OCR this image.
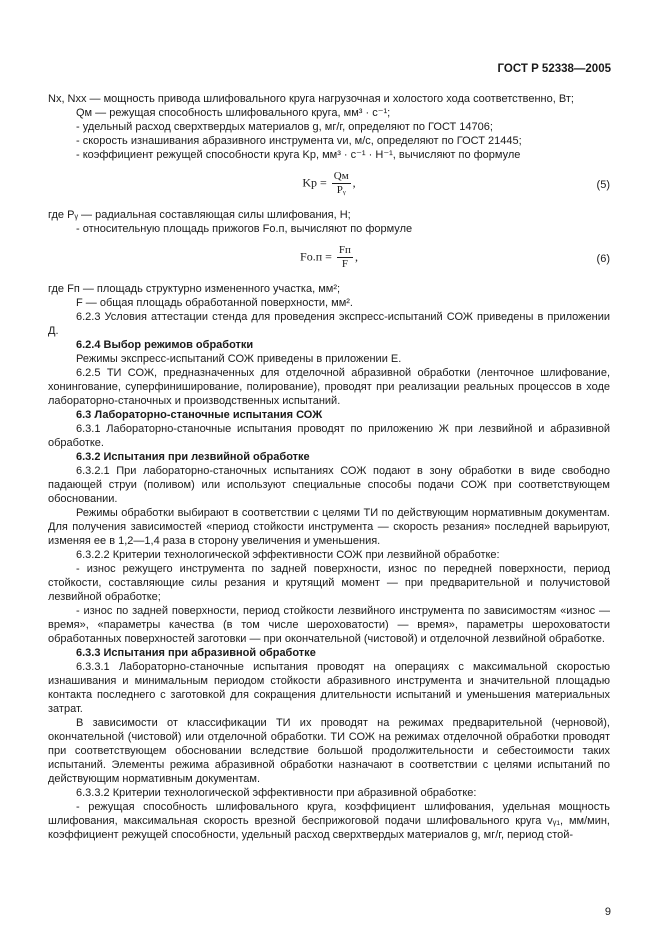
ГОСТ Р 52338—2005

Nх, Nхх — мощность привода шлифовального круга нагрузочная и холостого хода соответственно, Вт;

Qм — режущая способность шлифовального круга, мм³ · с⁻¹;

- удельный расход сверхтвердых материалов g, мг/г, определяют по ГОСТ 14706;

- скорость изнашивания абразивного инструмента vи, м/с, определяют по ГОСТ 21445;

- коэффициент режущей способности круга Kр, мм³ · с⁻¹ · Н⁻¹, вычисляют по формуле

Kр = $\frac{Qм}{\text{Pᵧ}}$ ,	(5)

где Pᵧ — радиальная составляющая силы шлифования, Н;

- относительную площадь прижогов Fо.п, вычисляют по формуле

$Fо.п = \frac{Fп}{F}$ ,	(6)

где Fп — площадь структурно измененного участка, мм²;

F — общая площадь обработанной поверхности, мм².

6.2.3 Условия аттестации стенда для проведения экспресс-испытаний СОЖ приведены в приложении Д.

6.2.4 Выбор режимов обработки

Режимы экспресс-испытаний СОЖ приведены в приложении Е.

6.2.5 ТИ СОЖ, предназначенных для отделочной абразивной обработки (ленточное шлифование, хонингование, суперфиниширование, полирование), проводят при реализации реальных процессов в ходе лабораторно-станочных и производственных испытаний.

6.3 Лабораторно-станочные испытания СОЖ

6.3.1 Лабораторно-станочные испытания проводят по приложению Ж при лезвийной и абразивной обработке.

6.3.2 Испытания при лезвийной обработке

6.3.2.1 При лабораторно-станочных испытаниях СОЖ подают в зону обработки в виде свободно падающей струи (поливом) или используют специальные способы подачи СОЖ при соответствующем обосновании.

Режимы обработки выбирают в соответствии с целями ТИ по действующим нормативным документам. Для получения зависимостей «период стойкости инструмента — скорость резания» последней варьируют, изменяя ее в 1,2—1,4 раза в сторону увеличения и уменьшения.

6.3.2.2 Критерии технологической эффективности СОЖ при лезвийной обработке:

- износ режущего инструмента по задней поверхности, износ по передней поверхности, период стойкости, составляющие силы резания и крутящий момент — при предварительной и получистовой лезвийной обработке;

- износ по задней поверхности, период стойкости лезвийного инструмента по зависимостям «износ — время», «параметры качества (в том числе шероховатости) — время», параметры шероховатости обработанных поверхностей заготовки — при окончательной (чистовой) и отделочной лезвийной обработке.

6.3.3 Испытания при абразивной обработке

6.3.3.1 Лабораторно-станочные испытания проводят на операциях с максимальной скоростью изнашивания и минимальным периодом стойкости абразивного инструмента и значительной площадью контакта последнего с заготовкой для сокращения длительности испытаний и уменьшения материальных затрат.

В зависимости от классификации ТИ их проводят на режимах предварительной (черновой), окончательной (чистовой) или отделочной обработки. ТИ СОЖ на режимах отделочной обработки проводят при соответствующем обосновании вследствие большой продолжительности и себестоимости таких испытаний. Элементы режима абразивной обработки назначают в соответствии с целями испытаний по действующим нормативным документам.

6.3.3.2 Критерии технологической эффективности при абразивной обработке:

- режущая способность шлифовального круга, коэффициент шлифования, удельная мощность шлифования, максимальная скорость врезной бесприжоговой подачи шлифовального круга vᵧ₁, мм/мин, коэффициент режущей способности, удельный расход сверхтвердых материалов g, мг/г, период стой-

9
